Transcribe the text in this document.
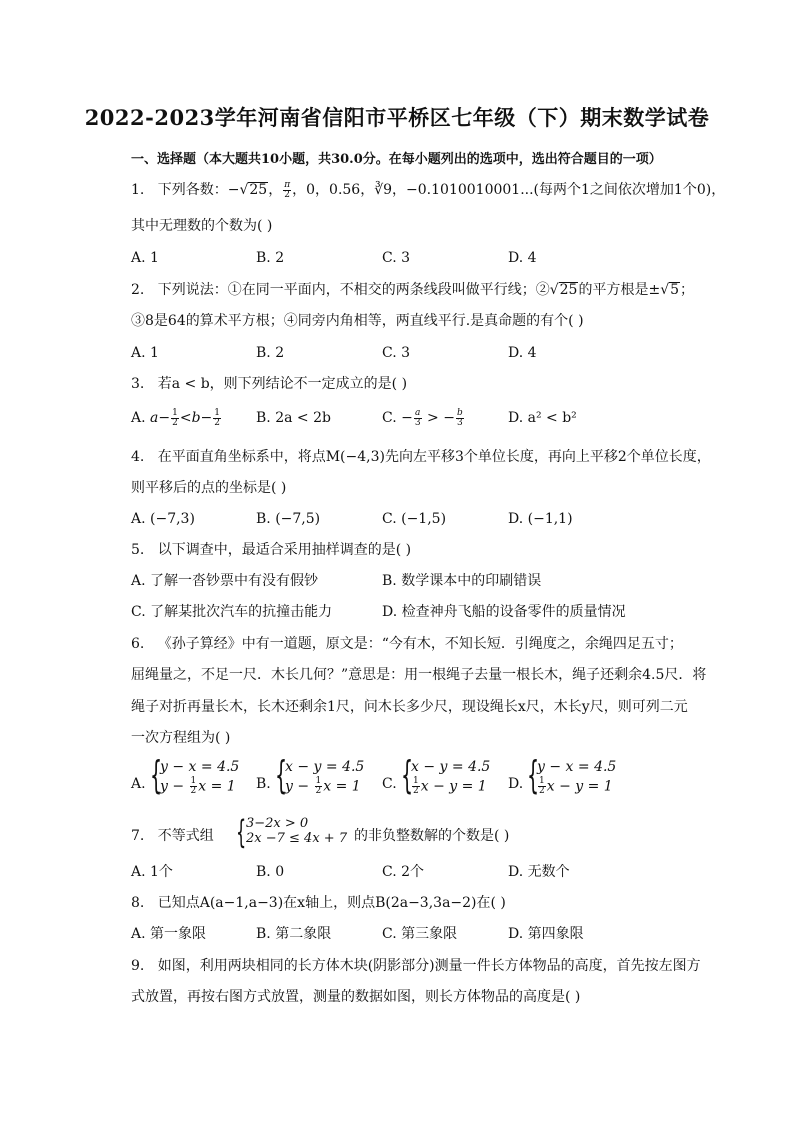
2022-2023学年河南省信阳市平桥区七年级（下）期末数学试卷
一、选择题（本大题共10小题，共30.0分。在每小题列出的选项中，选出符合题目的一项）
1. 下列各数：−√25， $\frac{\pi}{2}$ ，0，0.56，∛9，−0.1010010001...(每两个1之间依次增加1个0)，
其中无理数的个数为( )
A. 1	B. 2	C. 3	D. 4
2. 下列说法：①在同一平面内，不相交的两条线段叫做平行线；②√25的平方根是±√5；
③8是64的算术平方根；④同旁内角相等，两直线平行.是真命题的有个( )
A. 1	B. 2	C. 3	D. 4
3. 若a < b，则下列结论不一定成立的是( )
A. $a- \frac{1}{2} <b- \frac{1}{2} B$. 2a < 2b	C. − $\frac{a}{3}$ > − $\frac{b}{3}$	D. a² < b²
4. 在平面直角坐标系中，将点M(−4,3)先向左平移3个单位长度，再向上平移2个单位长度，
则平移后的点的坐标是( )
A. (−7,3)	B. (−7,5)	C. (−1,5)	D. (−1,1)
5. 以下调查中，最适合采用抽样调查的是( )
A. 了解一沓钞票中有没有假钞	B. 数学课本中的印刷错误
C. 了解某批次汽车的抗撞击能力	D. 检查神舟飞船的设备零件的质量情况
6. 《孙子算经》中有一道题，原文是：“今有木，不知长短．引绳度之，余绳四足五寸；
屈绳量之，不足一尺．木长几何？”意思是：用一根绳子去量一根长木，绳子还剩余4.5尺．将
绳子对折再量长木，长木还剩余1尺，问木长多少尺，现设绳长x尺，木长y尺，则可列二元
一次方程组为( )
A. {
y − x = 4.5
$y - \frac{1}{2}$ x = 1 B. {
x − y = 4.5
$y - \frac{1}{2}$ x = 1 C. {
x − y = 4.5

$\frac{1}{2}$ x − y = 1 D. {
y − x = 4.5

$\frac{1}{2}$ x − y = 1
7. 不等式组 { 3−2x > 0
2x −7 ≤ 4x + 7 的非负整数解的个数是( )
A. 1个	B. 0	C. 2个	D. 无数个
8. 已知点A(a−1,a−3)在x轴上，则点B(2a−3,3a−2)在( )
A. 第一象限	B. 第二象限	C. 第三象限	D. 第四象限
9. 如图，利用两块相同的长方体木块(阴影部分)测量一件长方体物品的高度，首先按左图方
式放置，再按右图方式放置，测量的数据如图，则长方体物品的高度是( )
